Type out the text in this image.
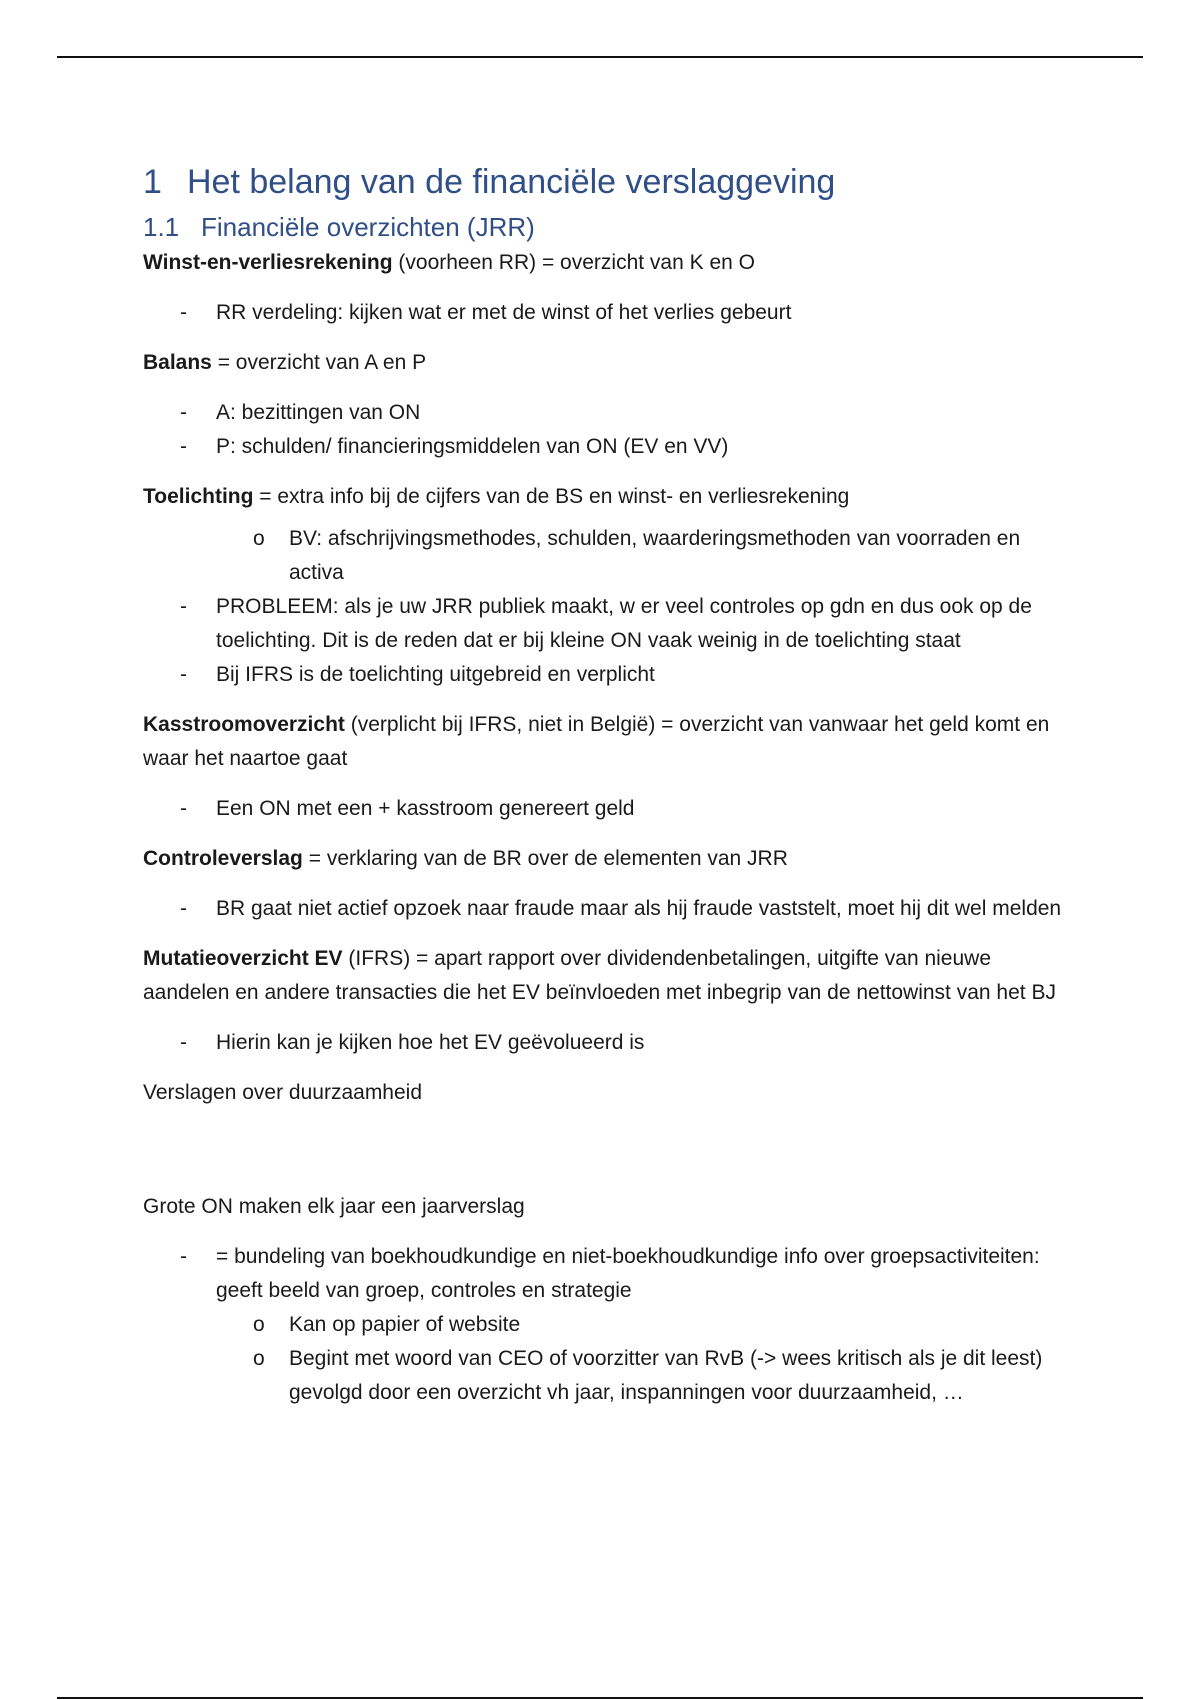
1 Het belang van de financiële verslaggeving
1.1 Financiële overzichten (JRR)

Winst-en-verliesrekening (voorheen RR) = overzicht van K en O

- RR verdeling: kijken wat er met de winst of het verlies gebeurt

Balans = overzicht van A en P

- A: bezittingen van ON
- P: schulden/ financieringsmiddelen van ON (EV en VV)

Toelichting = extra info bij de cijfers van de BS en winst- en verliesrekening

o BV: afschrijvingsmethodes, schulden, waarderingsmethoden van voorraden en activa
- PROBLEEM: als je uw JRR publiek maakt, w er veel controles op gdn en dus ook op de toelichting. Dit is de reden dat er bij kleine ON vaak weinig in de toelichting staat
- Bij IFRS is de toelichting uitgebreid en verplicht

Kasstroomoverzicht (verplicht bij IFRS, niet in België) = overzicht van vanwaar het geld komt en waar het naartoe gaat

- Een ON met een + kasstroom genereert geld

Controleverslag = verklaring van de BR over de elementen van JRR

- BR gaat niet actief opzoek naar fraude maar als hij fraude vaststelt, moet hij dit wel melden

Mutatieoverzicht EV (IFRS) = apart rapport over dividendenbetalingen, uitgifte van nieuwe aandelen en andere transacties die het EV beïnvloeden met inbegrip van de nettowinst van het BJ

- Hierin kan je kijken hoe het EV geëvolueerd is

Verslagen over duurzaamheid

Grote ON maken elk jaar een jaarverslag

- = bundeling van boekhoudkundige en niet-boekhoudkundige info over groepsactiviteiten: geeft beeld van groep, controles en strategie
o Kan op papier of website
o Begint met woord van CEO of voorzitter van RvB (-> wees kritisch als je dit leest) gevolgd door een overzicht vh jaar, inspanningen voor duurzaamheid, …
